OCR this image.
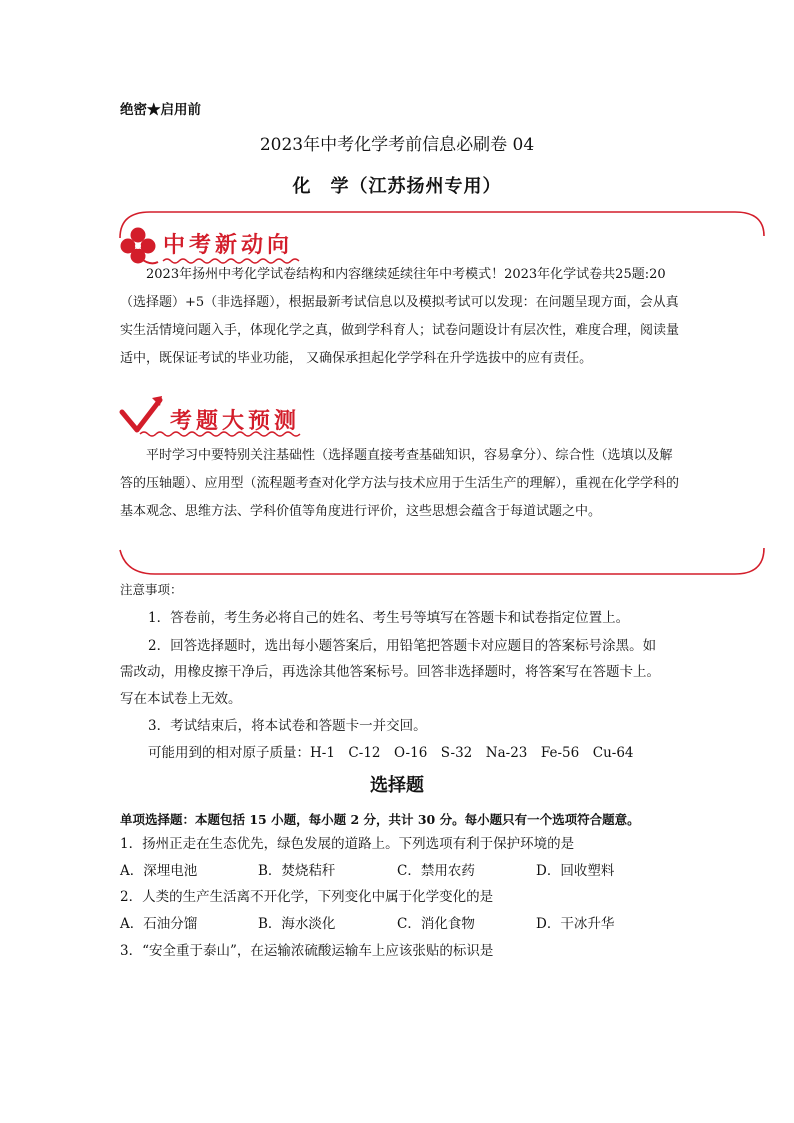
绝密★启用前
2023年中考化学考前信息必刷卷 04
化　学（江苏扬州专用）
中考新动向

2023年扬州中考化学试卷结构和内容继续延续往年中考模式！2023年化学试卷共25题:20（选择题）+5（非选择题），根据最新考试信息以及模拟考试可以发现：在问题呈现方面，会从真实生活情境问题入手，体现化学之真，做到学科育人；试卷问题设计有层次性，难度合理，阅读量适中，既保证考试的毕业功能， 又确保承担起化学学科在升学选拔中的应有责任。

考题大预测

平时学习中要特别关注基础性（选择题直接考查基础知识，容易拿分）、综合性（选填以及解答的压轴题）、应用型（流程题考查对化学方法与技术应用于生活生产的理解），重视在化学学科的基本观念、思维方法、学科价值等角度进行评价，这些思想会蕴含于每道试题之中。

注意事项：
1．答卷前，考生务必将自己的姓名、考生号等填写在答题卡和试卷指定位置上。
2．回答选择题时，选出每小题答案后，用铅笔把答题卡对应题目的答案标号涂黑。如
需改动，用橡皮擦干净后，再选涂其他答案标号。回答非选择题时，将答案写在答题卡上。
写在本试卷上无效。
3．考试结束后，将本试卷和答题卡一并交回。
可能用到的相对原子质量：H-1　C-12　O-16　S-32　Na-23　Fe-56　Cu-64
选择题
单项选择题：本题包括 15 小题，每小题 2 分，共计 30 分。每小题只有一个选项符合题意。
1．扬州正走在生态优先，绿色发展的道路上。下列选项有利于保护环境的是
A．深埋电池	B．焚烧秸秆	C．禁用农药	D．回收塑料
2．人类的生产生活离不开化学，下列变化中属于化学变化的是
A．石油分馏	B．海水淡化	C．消化食物	D．干冰升华
3．“安全重于泰山”，在运输浓硫酸运输车上应该张贴的标识是
